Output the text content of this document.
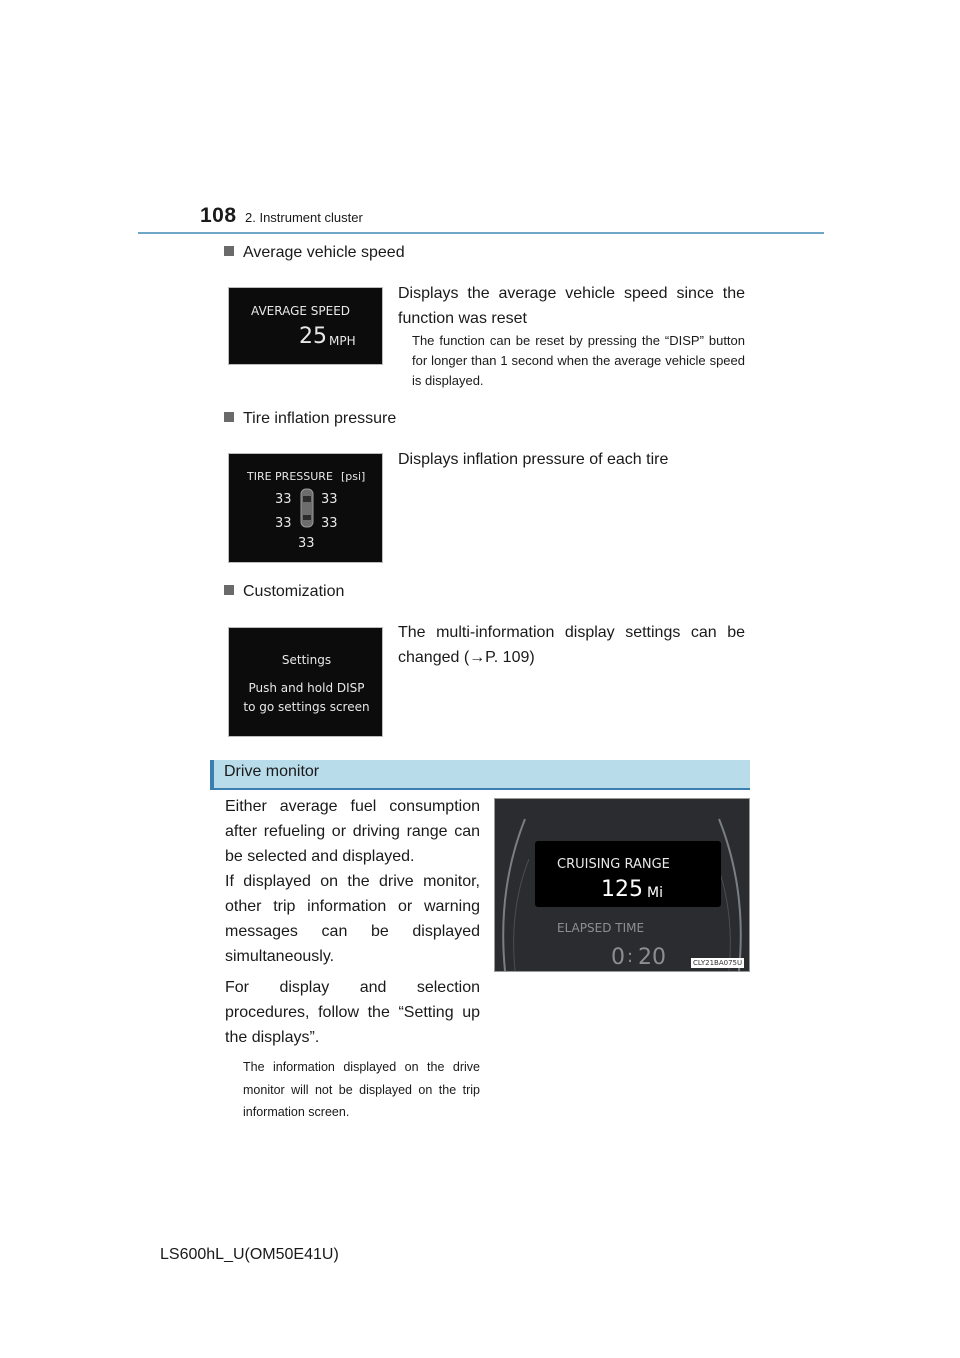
108 2. Instrument cluster
Average vehicle speed
AVERAGE SPEED
25 MPH
Displays the average vehicle speed since the function was reset
The function can be reset by pressing the “DISP” button for longer than 1 second when the average vehicle speed is displayed.
Tire inflation pressure
TIRE PRESSURE [psi]
33 33
33 33
33
Displays inflation pressure of each tire
Customization
Settings
Push and hold DISP
to go settings screen
The multi-information display settings can be changed (→P. 109)
Drive monitor
Either average fuel consumption after refueling or driving range can be selected and displayed.
If displayed on the drive monitor, other trip information or warning messages can be displayed simultaneously.
For display and selection procedures, follow the “Setting up the displays”.
The information displayed on the drive monitor will not be displayed on the trip information screen.
CRUISING RANGE
125 Mi
ELAPSED TIME
0 : 20	CLY21BA075U
LS600hL_U(OM50E41U)
